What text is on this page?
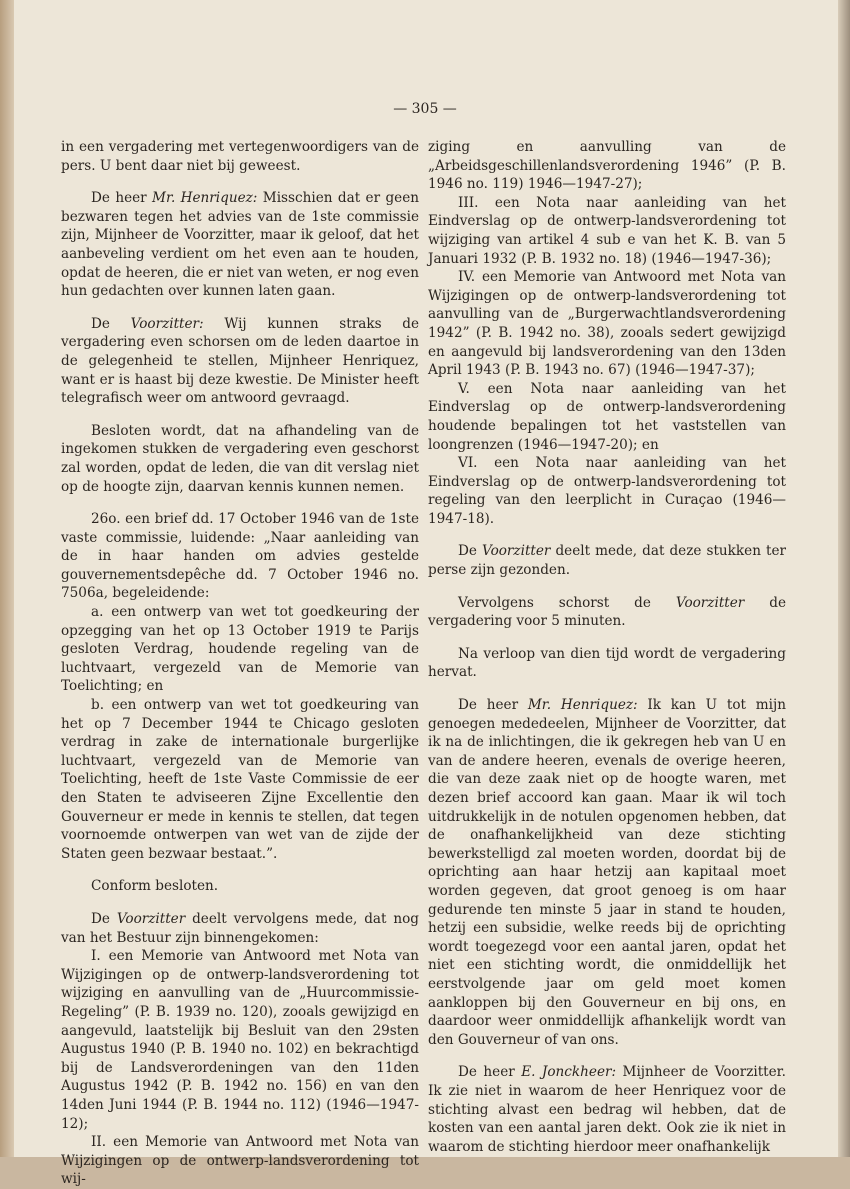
— 305 —

in een vergadering met vertegenwoordigers van de pers. U bent daar niet bij geweest.

De heer Mr. Henriquez: Misschien dat er geen bezwaren tegen het advies van de 1ste commissie zijn, Mijnheer de Voorzitter, maar ik geloof, dat het aanbeveling verdient om het even aan te houden, opdat de heeren, die er niet van weten, er nog even hun gedachten over kunnen laten gaan.

De Voorzitter: Wij kunnen straks de vergadering even schorsen om de leden daartoe in de gelegenheid te stellen, Mijnheer Henriquez, want er is haast bij deze kwestie. De Minister heeft telegrafisch weer om antwoord gevraagd.

Besloten wordt, dat na afhandeling van de ingekomen stukken de vergadering even geschorst zal worden, opdat de leden, die van dit verslag niet op de hoogte zijn, daarvan kennis kunnen nemen.

26o. een brief dd. 17 October 1946 van de 1ste vaste commissie, luidende: „Naar aanleiding van de in haar handen om advies gestelde gouvernementsdepêche dd. 7 October 1946 no. 7506a, begeleidende:

a. een ontwerp van wet tot goedkeuring der opzegging van het op 13 October 1919 te Parijs gesloten Verdrag, houdende regeling van de luchtvaart, vergezeld van de Memorie van Toelichting; en

b. een ontwerp van wet tot goedkeuring van het op 7 December 1944 te Chicago gesloten verdrag in zake de internationale burgerlijke luchtvaart, vergezeld van de Memorie van Toelichting, heeft de 1ste Vaste Commissie de eer den Staten te adviseeren Zijne Excellentie den Gouverneur er mede in kennis te stellen, dat tegen voornoemde ontwerpen van wet van de zijde der Staten geen bezwaar bestaat.”.

Conform besloten.

De Voorzitter deelt vervolgens mede, dat nog van het Bestuur zijn binnengekomen:

I. een Memorie van Antwoord met Nota van Wijzigingen op de ontwerp-landsverordening tot wijziging en aanvulling van de „Huurcommissie-Regeling” (P. B. 1939 no. 120), zooals gewijzigd en aangevuld, laatstelijk bij Besluit van den 29sten Augustus 1940 (P. B. 1940 no. 102) en bekrachtigd bij de Landsverordeningen van den 11den Augustus 1942 (P. B. 1942 no. 156) en van den 14den Juni 1944 (P. B. 1944 no. 112) (1946—1947-12);

II. een Memorie van Antwoord met Nota van Wijzigingen op de ontwerp-landsverordening tot wij-

ziging en aanvulling van de „Arbeidsgeschillenlandsverordening 1946” (P. B. 1946 no. 119) 1946—1947-27);

III. een Nota naar aanleiding van het Eindverslag op de ontwerp-landsverordening tot wijziging van artikel 4 sub e van het K. B. van 5 Januari 1932 (P. B. 1932 no. 18) (1946—1947-36);

IV. een Memorie van Antwoord met Nota van Wijzigingen op de ontwerp-landsverordening tot aanvulling van de „Burgerwachtlandsverordening 1942” (P. B. 1942 no. 38), zooals sedert gewijzigd en aangevuld bij landsverordening van den 13den April 1943 (P. B. 1943 no. 67) (1946—1947-37);

V. een Nota naar aanleiding van het Eindverslag op de ontwerp-landsverordening houdende bepalingen tot het vaststellen van loongrenzen (1946—1947-20); en

VI. een Nota naar aanleiding van het Eindverslag op de ontwerp-landsverordening tot regeling van den leerplicht in Curaçao (1946—1947-18).

De Voorzitter deelt mede, dat deze stukken ter perse zijn gezonden.

Vervolgens schorst de Voorzitter de vergadering voor 5 minuten.

Na verloop van dien tijd wordt de vergadering hervat.

De heer Mr. Henriquez: Ik kan U tot mijn genoegen mededeelen, Mijnheer de Voorzitter, dat ik na de inlichtingen, die ik gekregen heb van U en van de andere heeren, evenals de overige heeren, die van deze zaak niet op de hoogte waren, met dezen brief accoord kan gaan. Maar ik wil toch uitdrukkelijk in de notulen opgenomen hebben, dat de onafhankelijkheid van deze stichting bewerkstelligd zal moeten worden, doordat bij de oprichting aan haar hetzij aan kapitaal moet worden gegeven, dat groot genoeg is om haar gedurende ten minste 5 jaar in stand te houden, hetzij een subsidie, welke reeds bij de oprichting wordt toegezegd voor een aantal jaren, opdat het niet een stichting wordt, die onmiddellijk het eerstvolgende jaar om geld moet komen aankloppen bij den Gouverneur en bij ons, en daardoor weer onmiddellijk afhankelijk wordt van den Gouverneur of van ons.

De heer E. Jonckheer: Mijnheer de Voorzitter. Ik zie niet in waarom de heer Henriquez voor de stichting alvast een bedrag wil hebben, dat de kosten van een aantal jaren dekt. Ook zie ik niet in waarom de stichting hierdoor meer onafhankelijk
